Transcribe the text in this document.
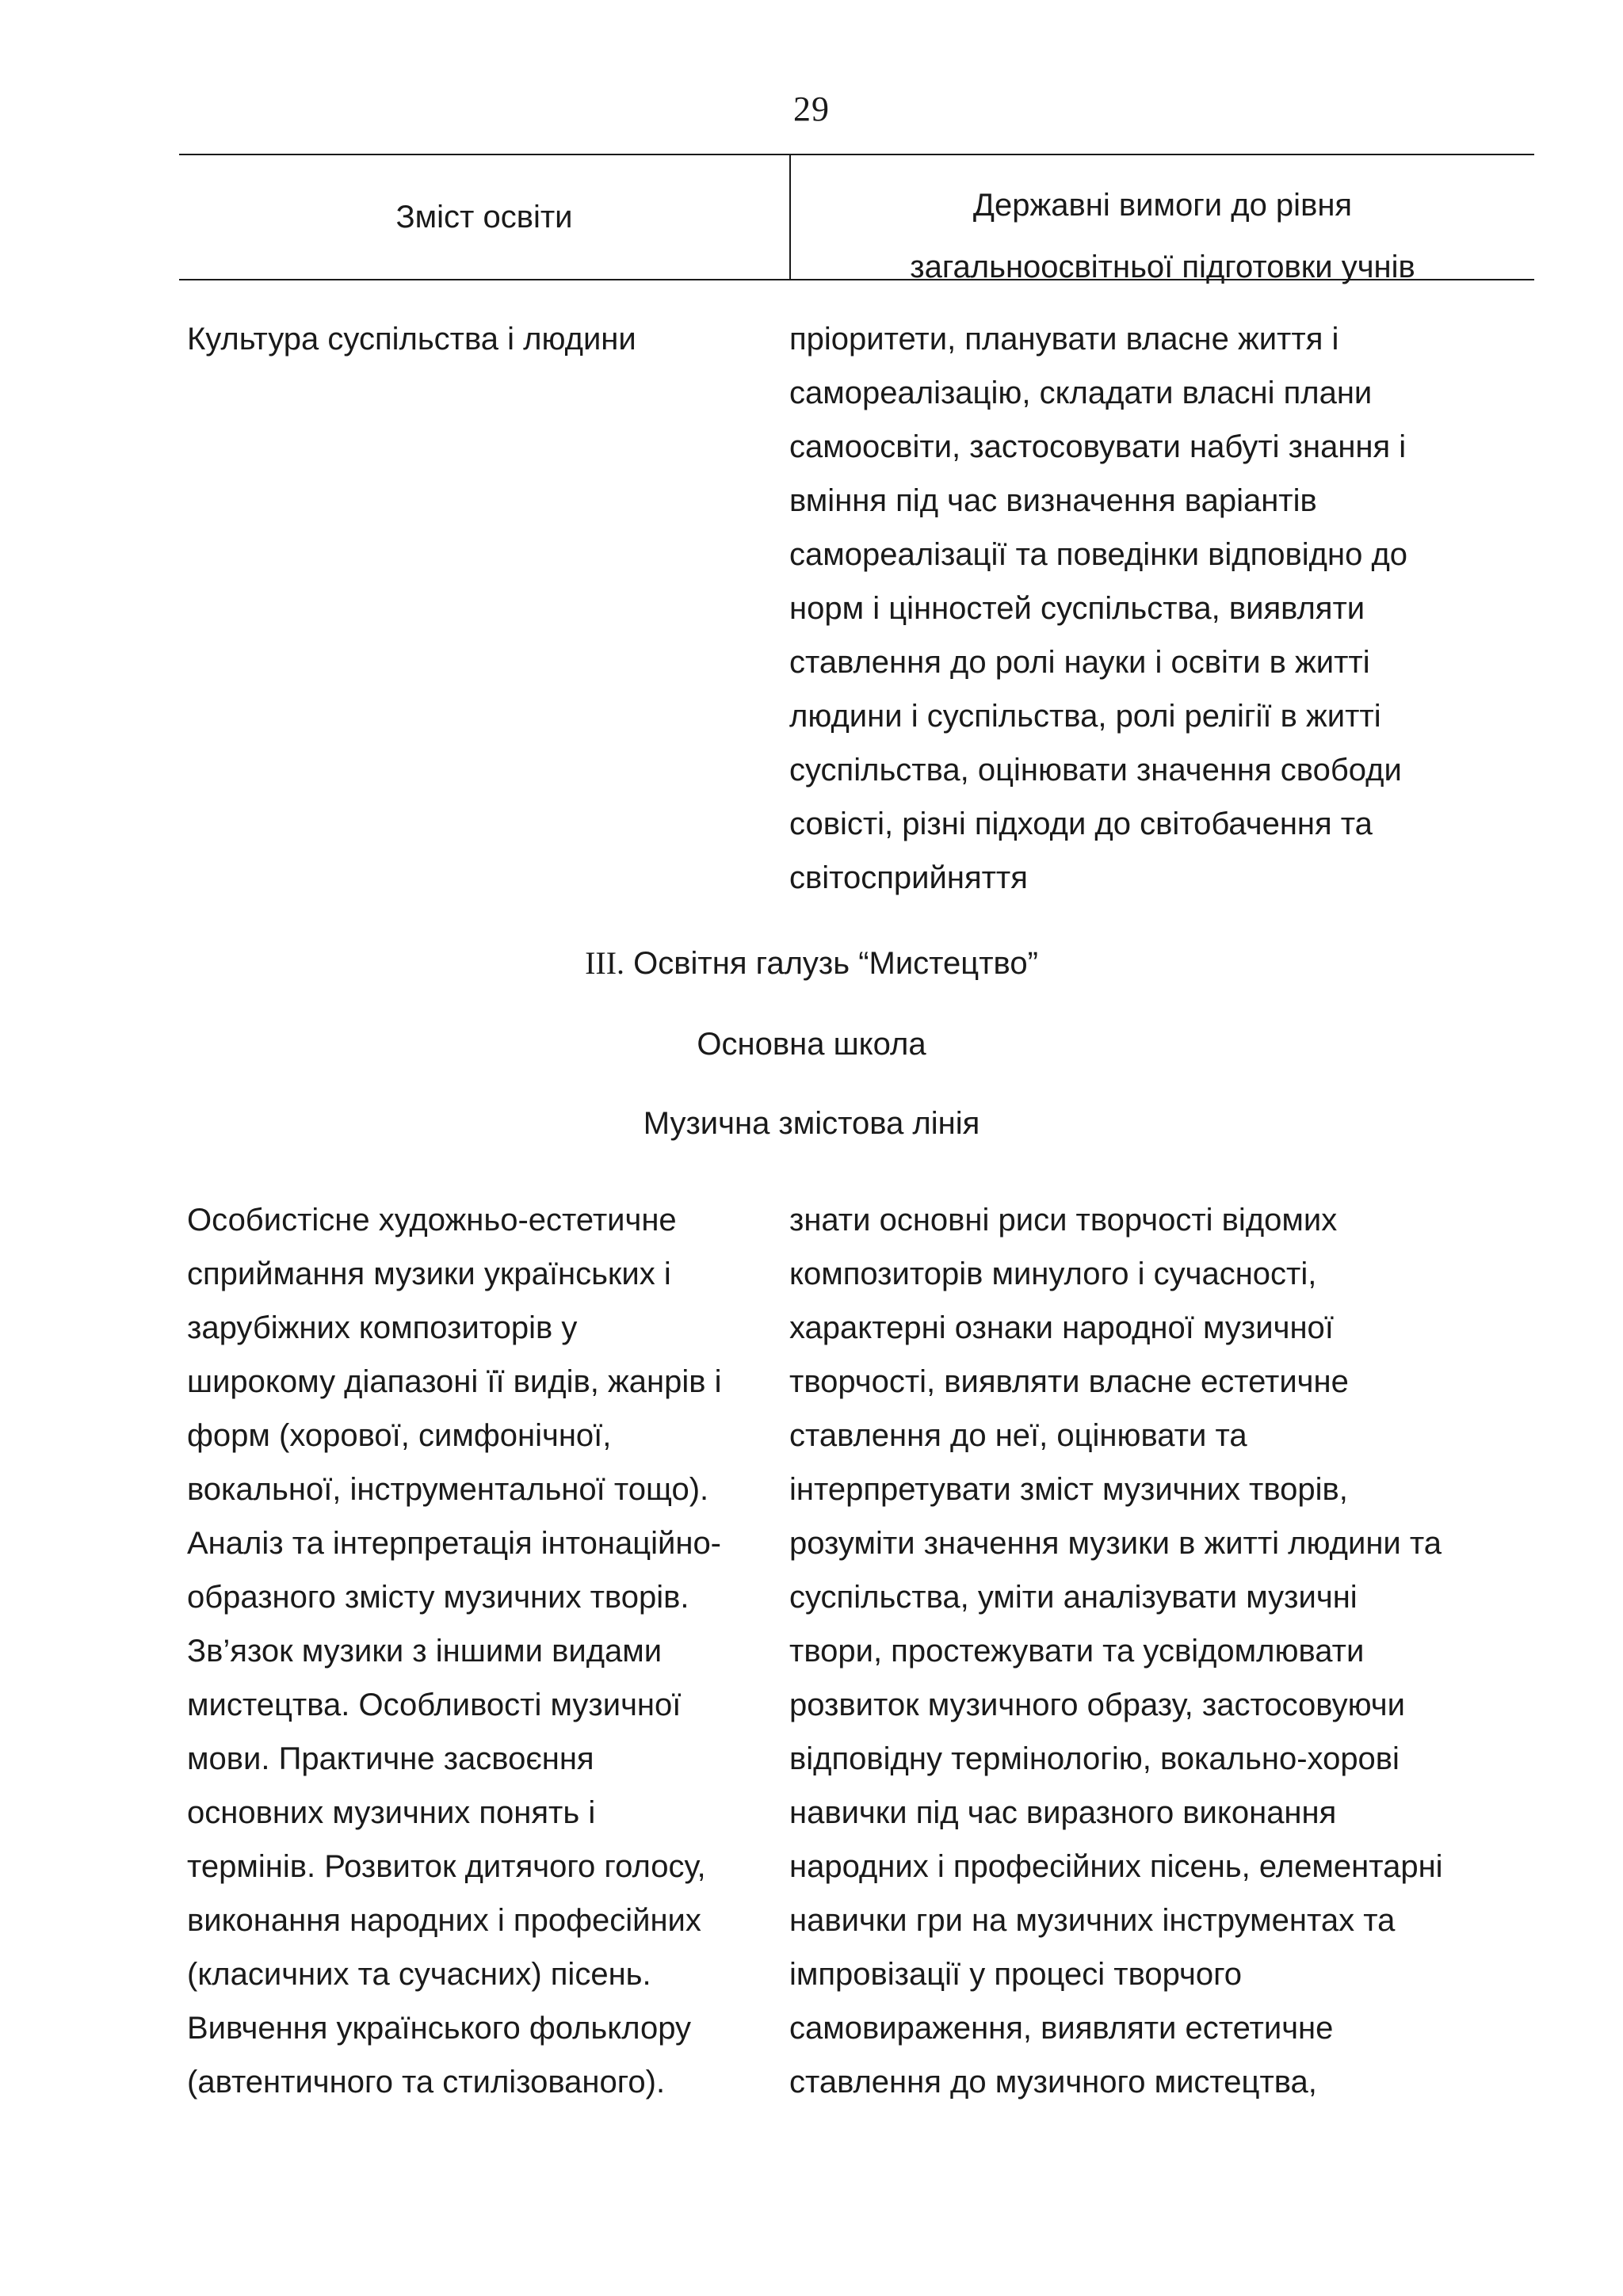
29
Зміст освіти	Державні вимоги до рівня
загальноосвітньої підготовки учнів
Культура суспільства і людини	пріоритети, планувати власне життя і
самореалізацію, складати власні плани
самоосвіти, застосовувати набуті знання і
вміння під час визначення варіантів
самореалізації та поведінки відповідно до
норм і цінностей суспільства, виявляти
ставлення до ролі науки і освіти в житті
людини і суспільства, ролі релігії в житті
суспільства, оцінювати значення свободи
совісті, різні підходи до світобачення та
світосприйняття
III. Освітня галузь “Мистецтво”
Основна школа
Музична змістова лінія
Особистісне художньо-естетичне
сприймання музики українських і
зарубіжних композиторів у
широкому діапазоні її видів, жанрів і
форм (хорової, симфонічної,
вокальної, інструментальної тощо).
Аналіз та інтерпретація інтонаційно-
образного змісту музичних творів.
Зв’язок музики з іншими видами
мистецтва. Особливості музичної
мови. Практичне засвоєння
основних музичних понять і
термінів. Розвиток дитячого голосу,
виконання народних і професійних
(класичних та сучасних) пісень.
Вивчення українського фольклору
(автентичного та стилізованого).
знати основні риси творчості відомих
композиторів минулого і сучасності,
характерні ознаки народної музичної
творчості, виявляти власне естетичне
ставлення до неї, оцінювати та
інтерпретувати зміст музичних творів,
розуміти значення музики в житті людини та
суспільства, уміти аналізувати музичні
твори, простежувати та усвідомлювати
розвиток музичного образу, застосовуючи
відповідну термінологію, вокально-хорові
навички під час виразного виконання
народних і професійних пісень, елементарні
навички гри на музичних інструментах та
імпровізації у процесі творчого
самовираження, виявляти естетичне
ставлення до музичного мистецтва,
